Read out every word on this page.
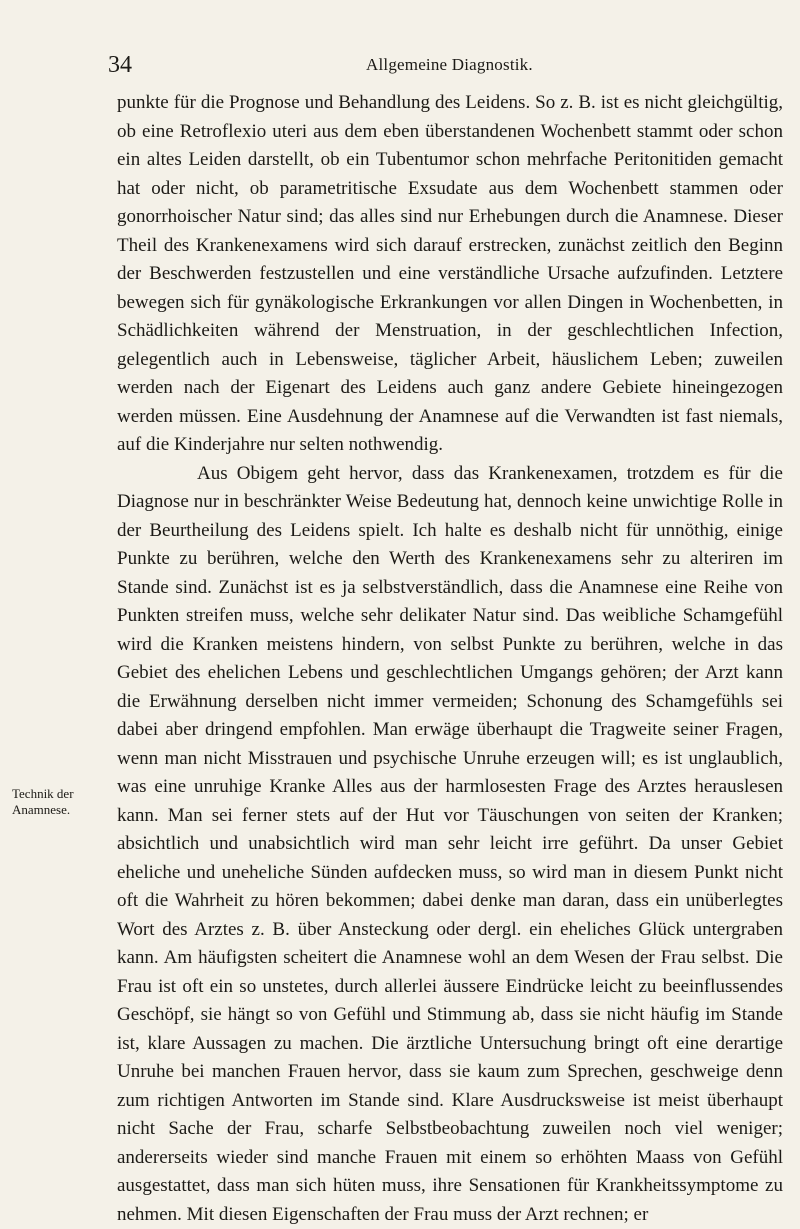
34	Allgemeine Diagnostik.
Technik der
Anamnese.

punkte für die Prognose und Behandlung des Leidens. So z. B. ist es nicht gleichgültig, ob eine Retroflexio uteri aus dem eben überstandenen Wochenbett stammt oder schon ein altes Leiden darstellt, ob ein Tubentumor schon mehrfache Peritonitiden gemacht hat oder nicht, ob parametritische Exsudate aus dem Wochenbett stammen oder gonorrhoischer Natur sind; das alles sind nur Erhebungen durch die Anamnese. Dieser Theil des Krankenexamens wird sich darauf erstrecken, zunächst zeitlich den Beginn der Beschwerden festzustellen und eine verständliche Ursache aufzufinden. Letztere bewegen sich für gynäkologische Erkrankungen vor allen Dingen in Wochenbetten, in Schädlichkeiten während der Menstruation, in der geschlechtlichen Infection, gelegentlich auch in Lebensweise, täglicher Arbeit, häuslichem Leben; zuweilen werden nach der Eigenart des Leidens auch ganz andere Gebiete hineingezogen werden müssen. Eine Ausdehnung der Anamnese auf die Verwandten ist fast niemals, auf die Kinderjahre nur selten nothwendig.

Aus Obigem geht hervor, dass das Krankenexamen, trotzdem es für die Diagnose nur in beschränkter Weise Bedeutung hat, dennoch keine unwichtige Rolle in der Beurtheilung des Leidens spielt. Ich halte es deshalb nicht für unnöthig, einige Punkte zu berühren, welche den Werth des Krankenexamens sehr zu alteriren im Stande sind. Zunächst ist es ja selbstverständlich, dass die Anamnese eine Reihe von Punkten streifen muss, welche sehr delikater Natur sind. Das weibliche Schamgefühl wird die Kranken meistens hindern, von selbst Punkte zu berühren, welche in das Gebiet des ehelichen Lebens und geschlechtlichen Umgangs gehören; der Arzt kann die Erwähnung derselben nicht immer vermeiden; Schonung des Schamgefühls sei dabei aber dringend empfohlen. Man erwäge überhaupt die Tragweite seiner Fragen, wenn man nicht Misstrauen und psychische Unruhe erzeugen will; es ist unglaublich, was eine unruhige Kranke Alles aus der harmlosesten Frage des Arztes herauslesen kann. Man sei ferner stets auf der Hut vor Täuschungen von seiten der Kranken; absichtlich und unabsichtlich wird man sehr leicht irre geführt. Da unser Gebiet eheliche und uneheliche Sünden aufdecken muss, so wird man in diesem Punkt nicht oft die Wahrheit zu hören bekommen; dabei denke man daran, dass ein unüberlegtes Wort des Arztes z. B. über Ansteckung oder dergl. ein eheliches Glück untergraben kann. Am häufigsten scheitert die Anamnese wohl an dem Wesen der Frau selbst. Die Frau ist oft ein so unstetes, durch allerlei äussere Eindrücke leicht zu beeinflussendes Geschöpf, sie hängt so von Gefühl und Stimmung ab, dass sie nicht häufig im Stande ist, klare Aussagen zu machen. Die ärztliche Untersuchung bringt oft eine derartige Unruhe bei manchen Frauen hervor, dass sie kaum zum Sprechen, geschweige denn zum richtigen Antworten im Stande sind. Klare Ausdrucksweise ist meist überhaupt nicht Sache der Frau, scharfe Selbstbeobachtung zuweilen noch viel weniger; andererseits wieder sind manche Frauen mit einem so erhöhten Maass von Gefühl ausgestattet, dass man sich hüten muss, ihre Sensationen für Krankheitssymptome zu nehmen. Mit diesen Eigenschaften der Frau muss der Arzt rechnen; er
